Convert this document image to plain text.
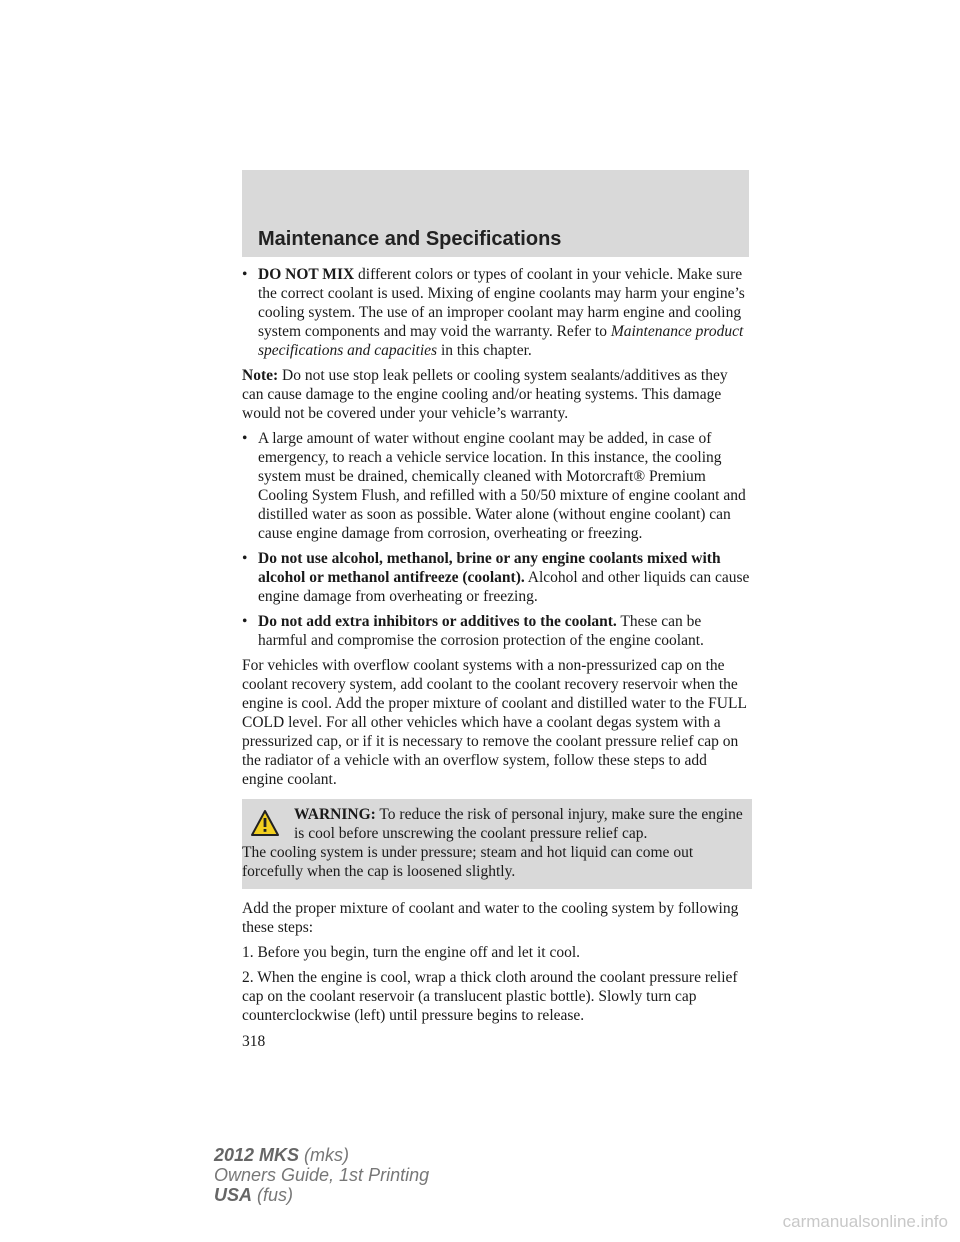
Maintenance and Specifications
• DO NOT MIX different colors or types of coolant in your vehicle. Make sure the correct coolant is used. Mixing of engine coolants may harm your engine’s cooling system. The use of an improper coolant may harm engine and cooling system components and may void the warranty. Refer to Maintenance product specifications and capacities in this chapter.

Note: Do not use stop leak pellets or cooling system sealants/additives as they can cause damage to the engine cooling and/or heating systems. This damage would not be covered under your vehicle’s warranty.

• A large amount of water without engine coolant may be added, in case of emergency, to reach a vehicle service location. In this instance, the cooling system must be drained, chemically cleaned with Motorcraft® Premium Cooling System Flush, and refilled with a 50/50 mixture of engine coolant and distilled water as soon as possible. Water alone (without engine coolant) can cause engine damage from corrosion, overheating or freezing.
• Do not use alcohol, methanol, brine or any engine coolants mixed with alcohol or methanol antifreeze (coolant). Alcohol and other liquids can cause engine damage from overheating or freezing.
• Do not add extra inhibitors or additives to the coolant. These can be harmful and compromise the corrosion protection of the engine coolant.

For vehicles with overflow coolant systems with a non-pressurized cap on the coolant recovery system, add coolant to the coolant recovery reservoir when the engine is cool. Add the proper mixture of coolant and distilled water to the FULL COLD level. For all other vehicles which have a coolant degas system with a pressurized cap, or if it is necessary to remove the coolant pressure relief cap on the radiator of a vehicle with an overflow system, follow these steps to add engine coolant.

WARNING: To reduce the risk of personal injury, make sure the engine is cool before unscrewing the coolant pressure relief cap.
The cooling system is under pressure; steam and hot liquid can come out forcefully when the cap is loosened slightly.

Add the proper mixture of coolant and water to the cooling system by following these steps:

1. Before you begin, turn the engine off and let it cool.

2. When the engine is cool, wrap a thick cloth around the coolant pressure relief cap on the coolant reservoir (a translucent plastic bottle). Slowly turn cap counterclockwise (left) until pressure begins to release.

318
2012 MKS (mks)
Owners Guide, 1st Printing
USA (fus)
carmanualsonline.info
